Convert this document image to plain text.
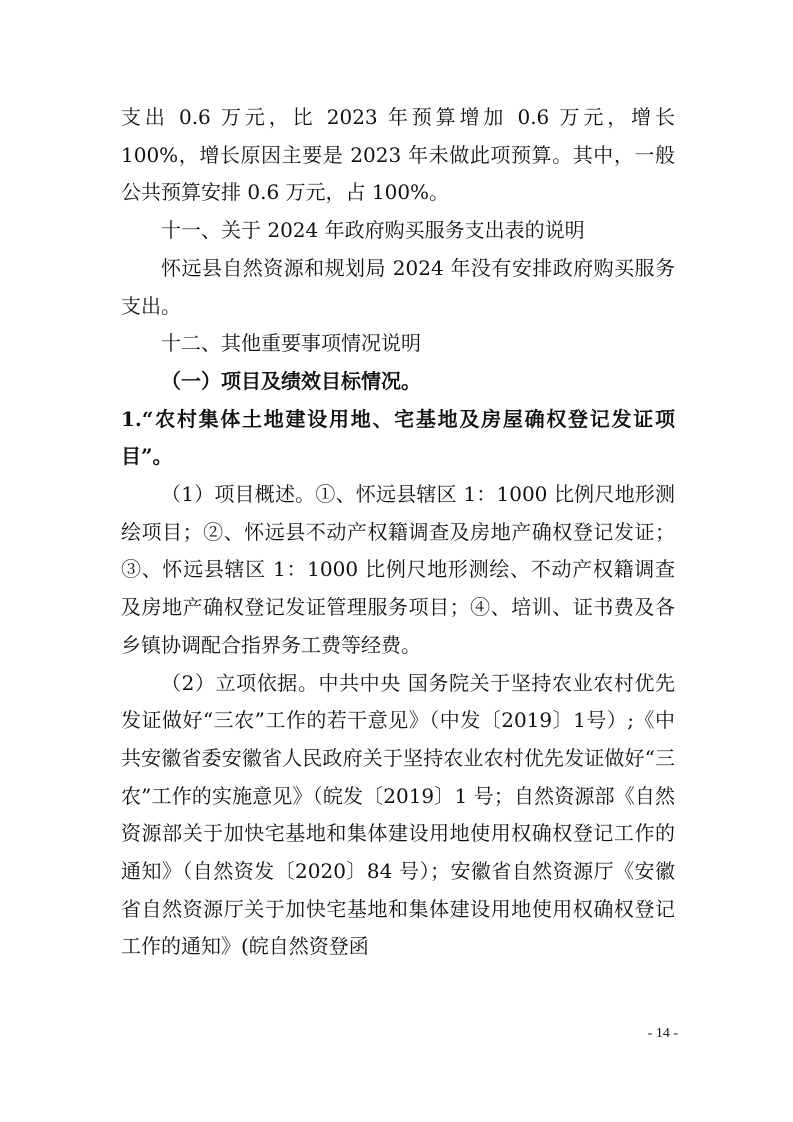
支出 0.6 万元，比 2023 年预算增加 0.6 万元，增长 100%，增长原因主要是 2023 年未做此项预算。其中，一般公共预算安排 0.6 万元，占 100%。

十一、关于 2024 年政府购买服务支出表的说明

怀远县自然资源和规划局 2024 年没有安排政府购买服务支出。

十二、其他重要事项情况说明

（一）项目及绩效目标情况。

1.“农村集体土地建设用地、宅基地及房屋确权登记发证项目”。

（1）项目概述。①、怀远县辖区 1：1000 比例尺地形测绘项目；②、怀远县不动产权籍调查及房地产确权登记发证；③、怀远县辖区 1：1000 比例尺地形测绘、不动产权籍调查及房地产确权登记发证管理服务项目；④、培训、证书费及各乡镇协调配合指界务工费等经费。

（2）立项依据。中共中央 国务院关于坚持农业农村优先发证做好“三农”工作的若干意见》（中发〔2019〕1号）;《中共安徽省委安徽省人民政府关于坚持农业农村优先发证做好“三农”工作的实施意见》（皖发〔2019〕1 号；自然资源部《自然资源部关于加快宅基地和集体建设用地使用权确权登记工作的通知》（自然资发〔2020〕84 号）；安徽省自然资源厅《安徽省自然资源厅关于加快宅基地和集体建设用地使用权确权登记工作的通知》(皖自然资登函

- 14 -
